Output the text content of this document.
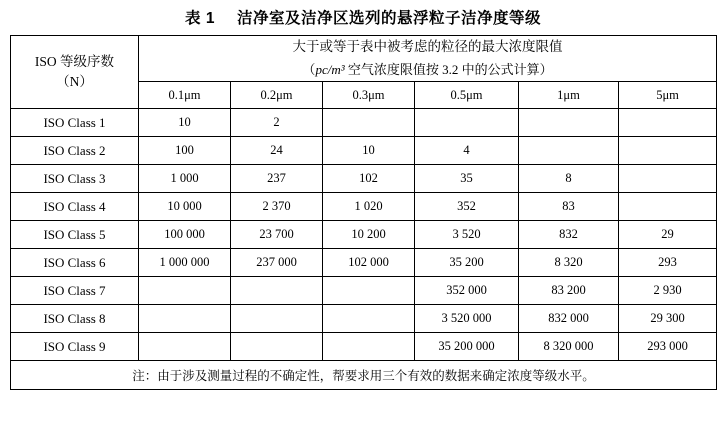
表 1 洁净室及洁净区选列的悬浮粒子洁净度等级
ISO 等级序数
（N）

大于或等于表中被考虑的粒径的最大浓度限值
（pc/m³ 空气浓度限值按 3.2 中的公式计算）

	0.1μm	0.2μm	0.3μm	0.5μm	1μm	5μm
ISO Class 1	10	2				
ISO Class 2	100	24	10	4		
ISO Class 3	1 000	237	102	35	8	
ISO Class 4	10 000	2 370	1 020	352	83	
ISO Class 5	100 000	23 700	10 200	3 520	832	29
ISO Class 6	1 000 000	237 000	102 000	35 200	8 320	293
ISO Class 7				352 000	83 200	2 930
ISO Class 8				3 520 000	832 000	29 300
ISO Class 9				35 200 000	8 320 000	293 000
注：由于涉及测量过程的不确定性，帮要求用三个有效的数据来确定浓度等级水平。						
